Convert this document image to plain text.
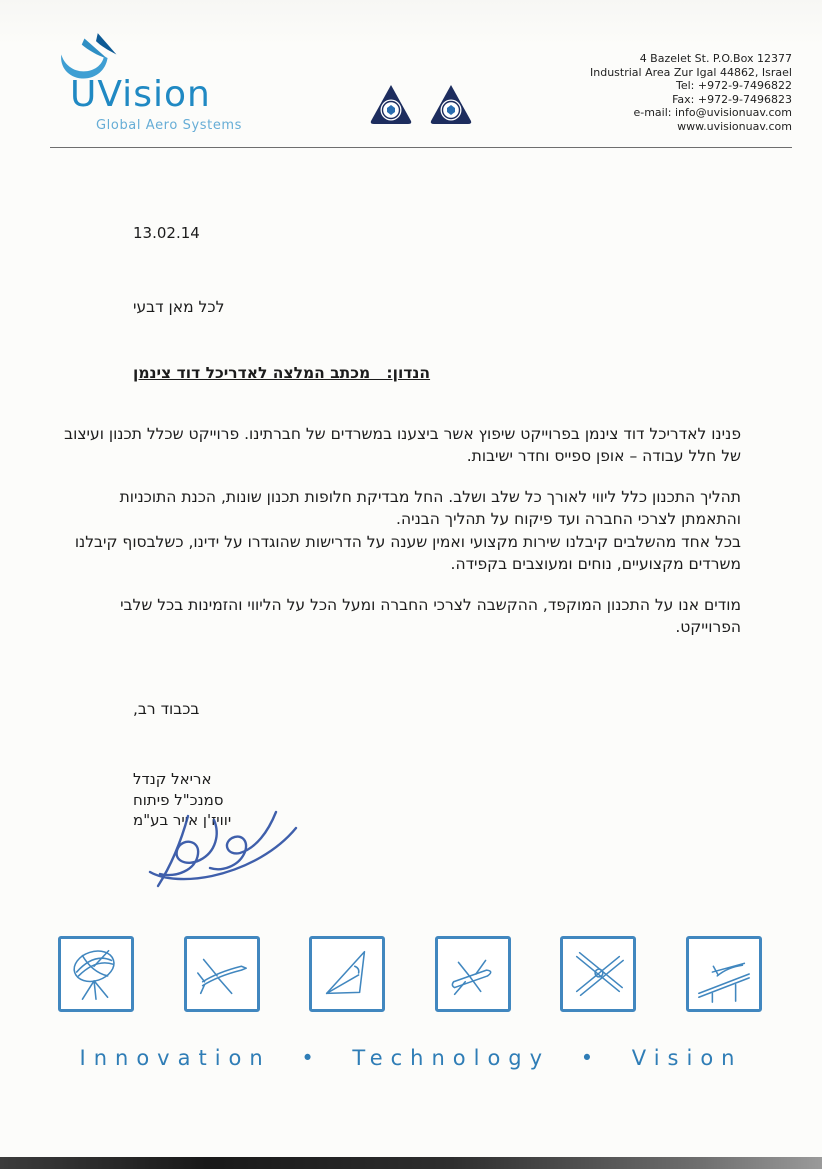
UVision
Global Aero Systems
4 Bazelet St. P.O.Box 12377
Industrial Area Zur Igal 44862, Israel
Tel: +972-9-7496822
Fax: +972-9-7496823
e-mail: info@uvisionuav.com
www.uvisionuav.com
13.02.14
לכל מאן דבעי
הנדון:   מכתב המלצה לאדריכל דוד צינמן

פנינו לאדריכל דוד צינמן בפרוייקט שיפוץ אשר ביצענו במשרדים של חברתינו. פרוייקט שכלל תכנון ועיצוב של חלל עבודה – אופן ספייס וחדר ישיבות.

תהליך התכנון כלל ליווי לאורך כל שלב ושלב. החל מבדיקת חלופות תכנון שונות, הכנת התוכניות והתאמתן לצרכי החברה ועד פיקוח על תהליך הבניה.

בכל אחד מהשלבים קיבלנו שירות מקצועי ואמין שענה על הדרישות שהוגדרו על ידינו, כשלבסוף קיבלנו משרדים מקצועיים, נוחים ומעוצבים בקפידה.

מודים אנו על התכנון המוקפד, ההקשבה לצרכי החברה ומעל הכל על הליווי והזמינות בכל שלבי הפרוייקט.

בכבוד רב,
אריאל קנדל
סמנכ"ל פיתוח
יוויז'ן אייר בע"מ
Innovation • Technology • Vision
